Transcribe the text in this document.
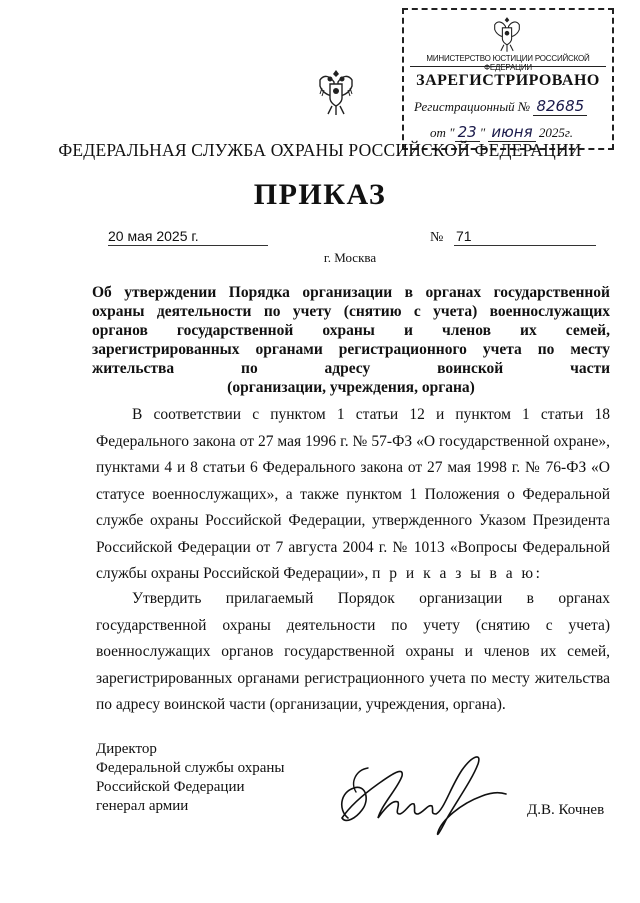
МИНИСТЕРСТВО ЮСТИЦИИ РОССИЙСКОЙ ФЕДЕРАЦИИ
ЗАРЕГИСТРИРОВАНО
Регистрационный № 82685
от " 23 " июня 2025г.
ФЕДЕРАЛЬНАЯ СЛУЖБА ОХРАНЫ РОССИЙСКОЙ ФЕДЕРАЦИИ
ПРИКАЗ
20 мая 2025 г.	№ 71
г. Москва
Об утверждении Порядка организации в органах государственной охраны деятельности по учету (снятию с учета) военнослужащих органов государственной охраны и членов их семей, зарегистрированных органами регистрационного учета по месту жительства по адресу воинской части
(организации, учреждения, органа)

В соответствии с пунктом 1 статьи 12 и пунктом 1 статьи 18 Федерального закона от 27 мая 1996 г. № 57-ФЗ «О государственной охране», пунктами 4 и 8 статьи 6 Федерального закона от 27 мая 1998 г. № 76-ФЗ «О статусе военнослужащих», а также пунктом 1 Положения о Федеральной службе охраны Российской Федерации, утвержденного Указом Президента Российской Федерации от 7 августа 2004 г. № 1013 «Вопросы Федеральной службы охраны Российской Федерации», п р и к а з ы в а ю:

Утвердить прилагаемый Порядок организации в органах государственной охраны деятельности по учету (снятию с учета) военнослужащих органов государственной охраны и членов их семей, зарегистрированных органами регистрационного учета по месту жительства по адресу воинской части (организации, учреждения, органа).

Директор
Федеральной службы охраны
Российской Федерации
генерал армии	Д.В. Кочнев
